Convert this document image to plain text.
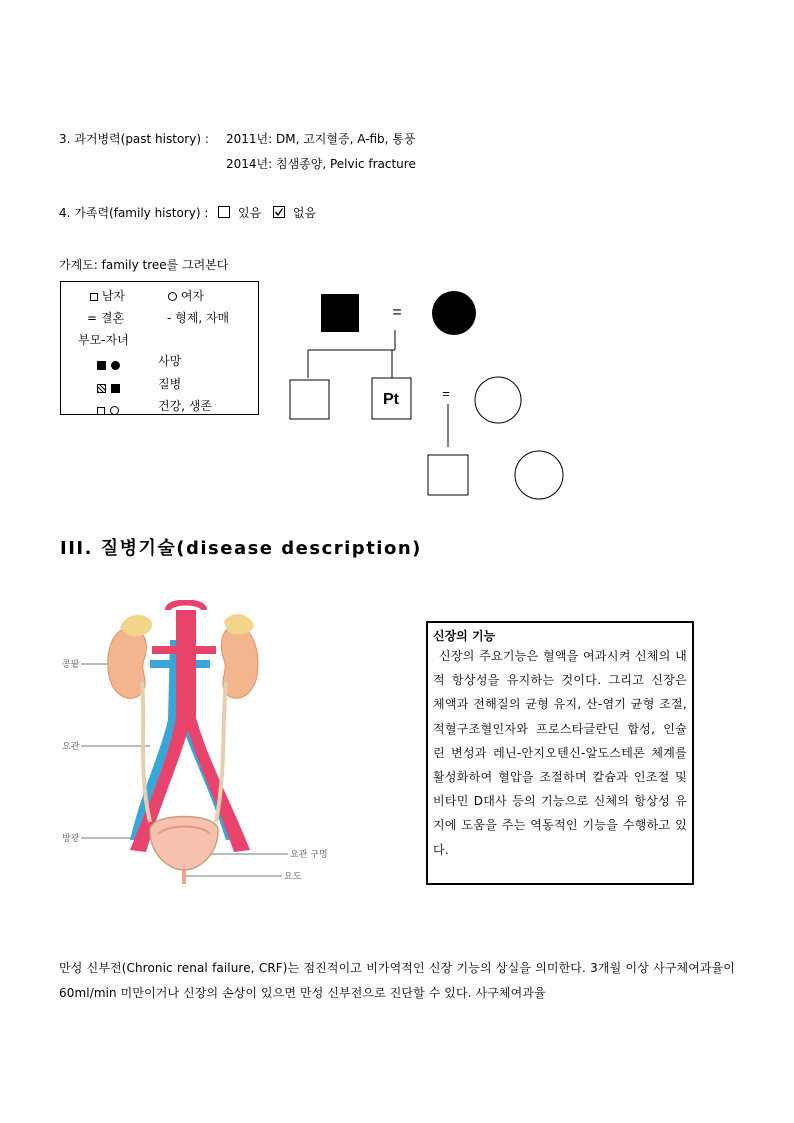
3. 과거병력(past history) : 2011년: DM, 고지혈증, A-fib, 통풍
2014년: 침샘종양, Pelvic fracture
4. 가족력(family history) : 있음	없음
가계도: family tree를 그려본다
남자	여자
= 결혼	- 형제, 자매
부모-자녀

사망

질병

건강, 생존
=
Pt	=
III. 질병기술(disease description)
콩팥
요관
방광
요관 구멍
요도
신장의 기능
신장의 주요기능은 혈액을 여과시켜 신체의 내적 항상성을 유지하는 것이다. 그리고 신장은 체액과 전해질의 균형 유지, 산-염기 균형 조절, 적혈구조혈인자와 프로스타글란딘 합성, 인슐린 변성과 레닌-안지오텐신-알도스테론 체계를 활성화하여 혈압을 조절하며 칼슘과 인조절 및 비타민 D대사 등의 기능으로 신체의 항상성 유지에 도움을 주는 역동적인 기능을 수행하고 있다.
만성 신부전(Chronic renal failure, CRF)는 점진적이고 비가역적인 신장 기능의 상실을 의미한다. 3개월 이상 사구체여과율이 60ml/min 미만이거나 신장의 손상이 있으면 만성 신부전으로 진단할 수 있다. 사구체여과율
